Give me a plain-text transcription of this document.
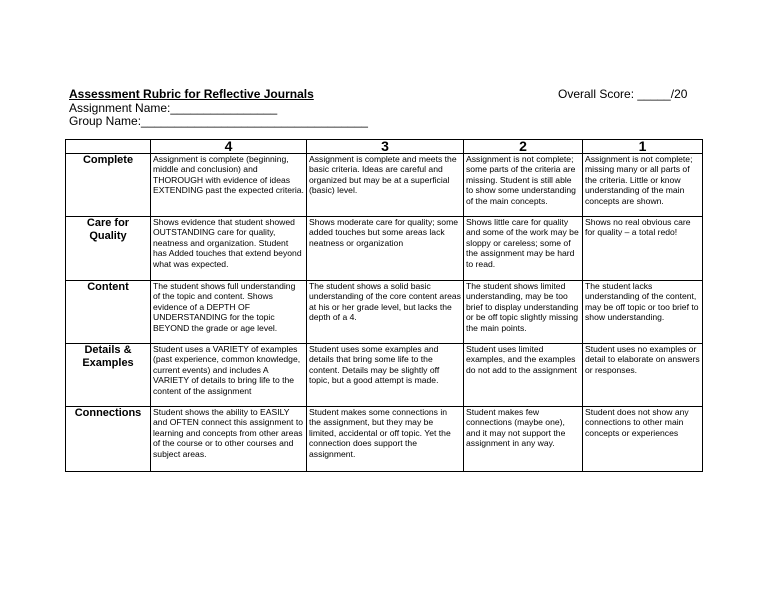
Assessment Rubric for Reflective Journals	Overall Score: _____/20
Assignment Name:________________
Group Name:__________________________________
	4	3	2	1
Complete	Assignment is complete (beginning, middle and conclusion) and THOROUGH with evidence of ideas EXTENDING past the expected criteria.	Assignment is complete and meets the basic criteria. Ideas are careful and organized but may be at a superficial (basic) level.	Assignment is not complete; some parts of the criteria are missing. Student is still able to show some understanding of the main concepts.	Assignment is not complete; missing many or all parts of the criteria. Little or know understanding of the main concepts are shown.
Care for Quality	Shows evidence that student showed OUTSTANDING care for quality, neatness and organization. Student has Added touches that extend beyond what was expected.	Shows moderate care for quality; some added touches but some areas lack neatness or organization	Shows little care for quality and some of the work may be sloppy or careless; some of the assignment may be hard to read.	Shows no real obvious care for quality – a total redo!
Content	The student shows full understanding of the topic and content. Shows evidence of a DEPTH OF UNDERSTANDING for the topic BEYOND the grade or age level.	The student shows a solid basic understanding of the core content areas at his or her grade level, but lacks the depth of a 4.	The student shows limited understanding, may be too brief to display understanding or be off topic slightly missing the main points.	The student lacks understanding of the content, may be off topic or too brief to show understanding.
Details & Examples	Student uses a VARIETY of examples (past experience, common knowledge, current events) and includes A VARIETY of details to bring life to the content of the assignment	Student uses some examples and details that bring some life to the content. Details may be slightly off topic, but a good attempt is made.	Student uses limited examples, and the examples do not add to the assignment	Student uses no examples or detail to elaborate on answers or responses.
Connections	Student shows the ability to EASILY and OFTEN connect this assignment to learning and concepts from other areas of the course or to other courses and subject areas.	Student makes some connections in the assignment, but they may be limited, accidental or off topic. Yet the connection does support the assignment.	Student makes few connections (maybe one), and it may not support the assignment in any way.	Student does not show any connections to other main concepts or experiences
